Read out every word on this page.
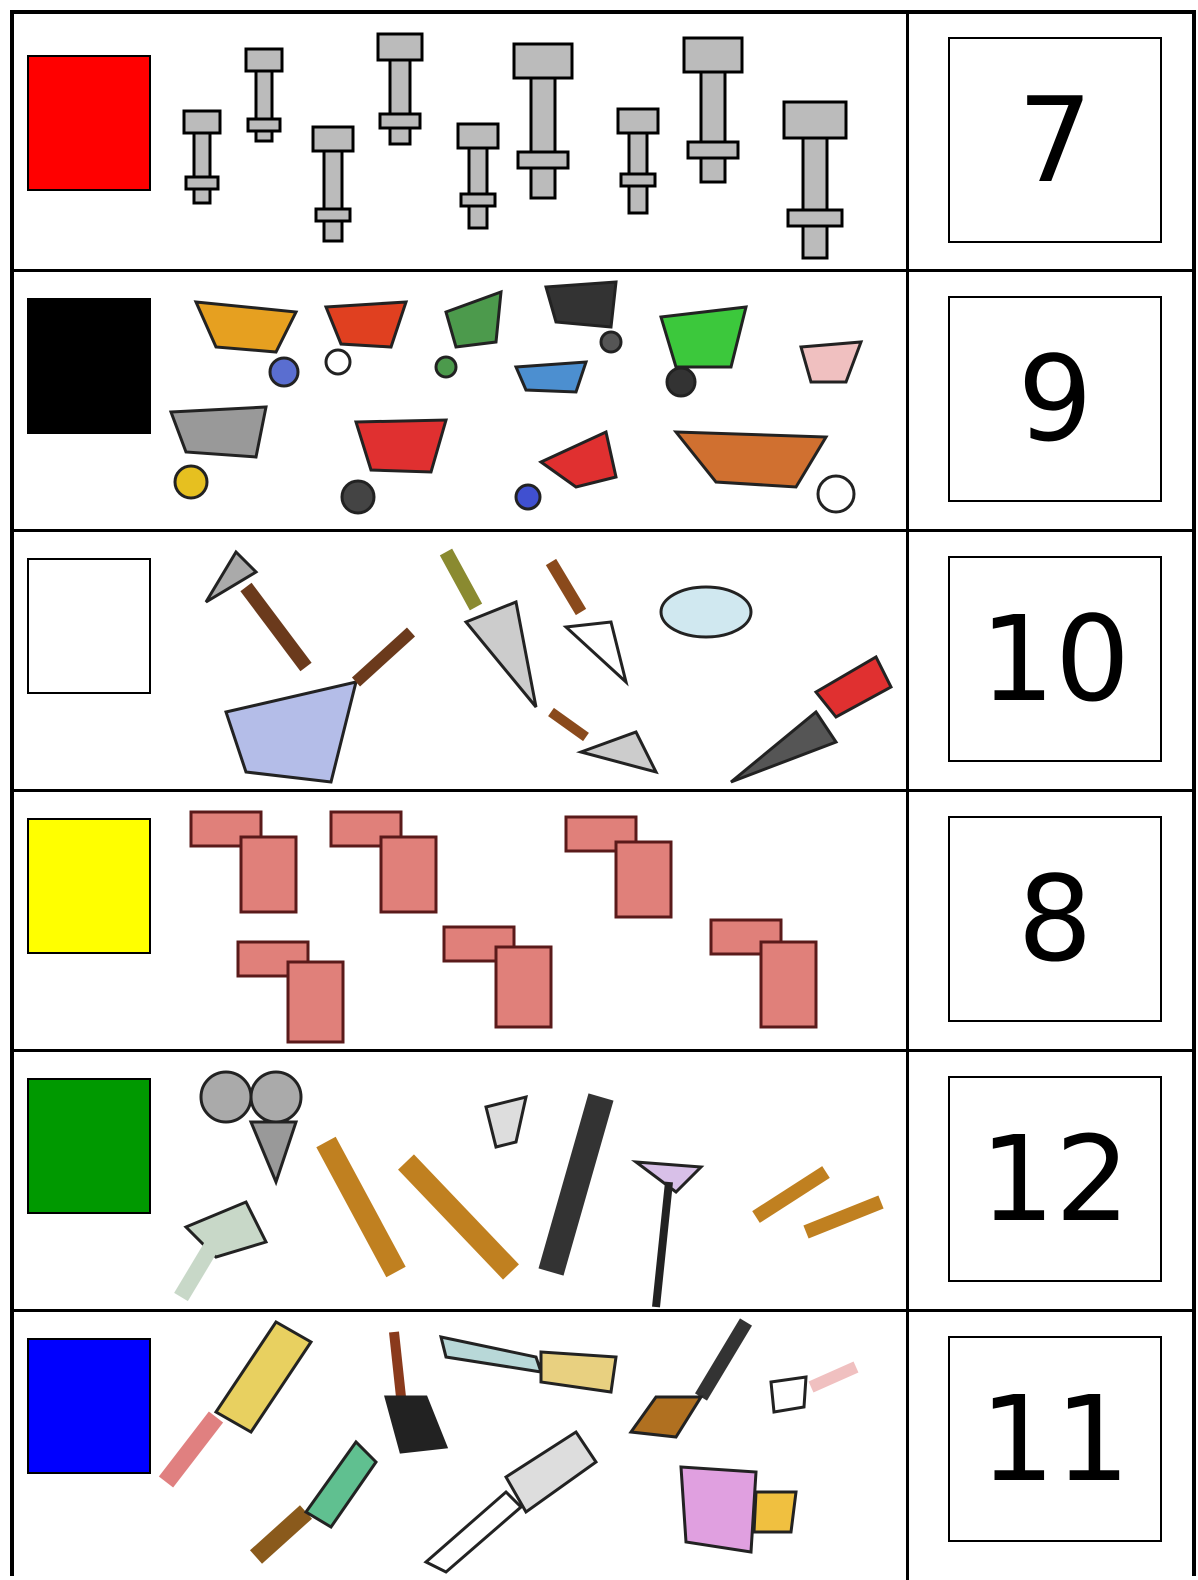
7
9
10
8
12
11
